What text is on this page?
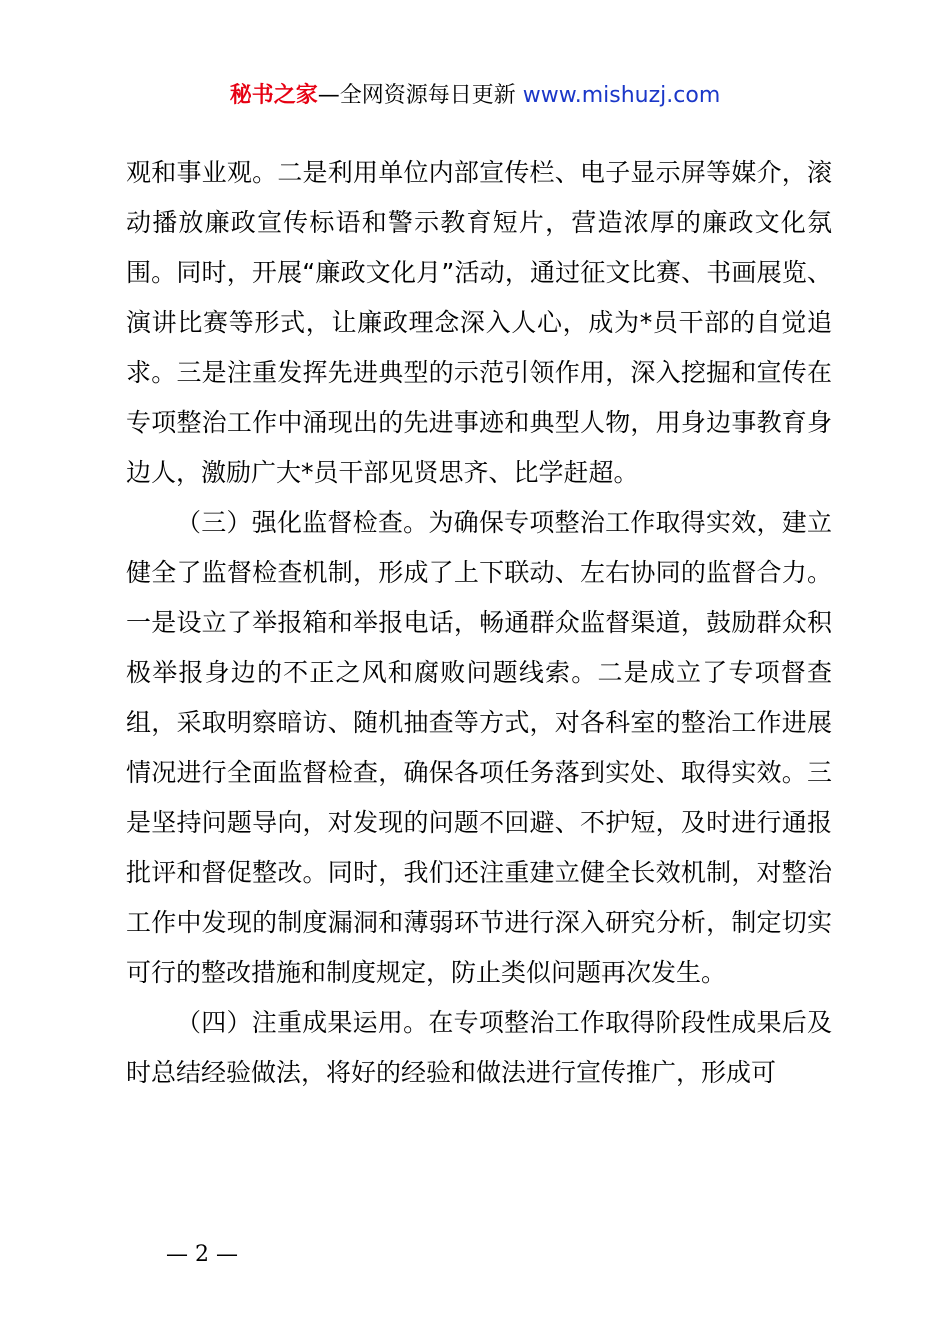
秘书之家—全网资源每日更新 www.mishuzj.com

观和事业观。二是利用单位内部宣传栏、电子显示屏等媒介，滚动播放廉政宣传标语和警示教育短片，营造浓厚的廉政文化氛围。同时，开展“廉政文化月”活动，通过征文比赛、书画展览、演讲比赛等形式，让廉政理念深入人心，成为*员干部的自觉追求。三是注重发挥先进典型的示范引领作用，深入挖掘和宣传在专项整治工作中涌现出的先进事迹和典型人物，用身边事教育身边人，激励广大*员干部见贤思齐、比学赶超。

（三）强化监督检查。为确保专项整治工作取得实效，建立健全了监督检查机制，形成了上下联动、左右协同的监督合力。一是设立了举报箱和举报电话，畅通群众监督渠道，鼓励群众积极举报身边的不正之风和腐败问题线索。二是成立了专项督查组，采取明察暗访、随机抽查等方式，对各科室的整治工作进展情况进行全面监督检查，确保各项任务落到实处、取得实效。三是坚持问题导向，对发现的问题不回避、不护短，及时进行通报批评和督促整改。同时，我们还注重建立健全长效机制，对整治工作中发现的制度漏洞和薄弱环节进行深入研究分析，制定切实可行的整改措施和制度规定，防止类似问题再次发生。

（四）注重成果运用。在专项整治工作取得阶段性成果后及时总结经验做法，将好的经验和做法进行宣传推广，形成可

— 2 —
